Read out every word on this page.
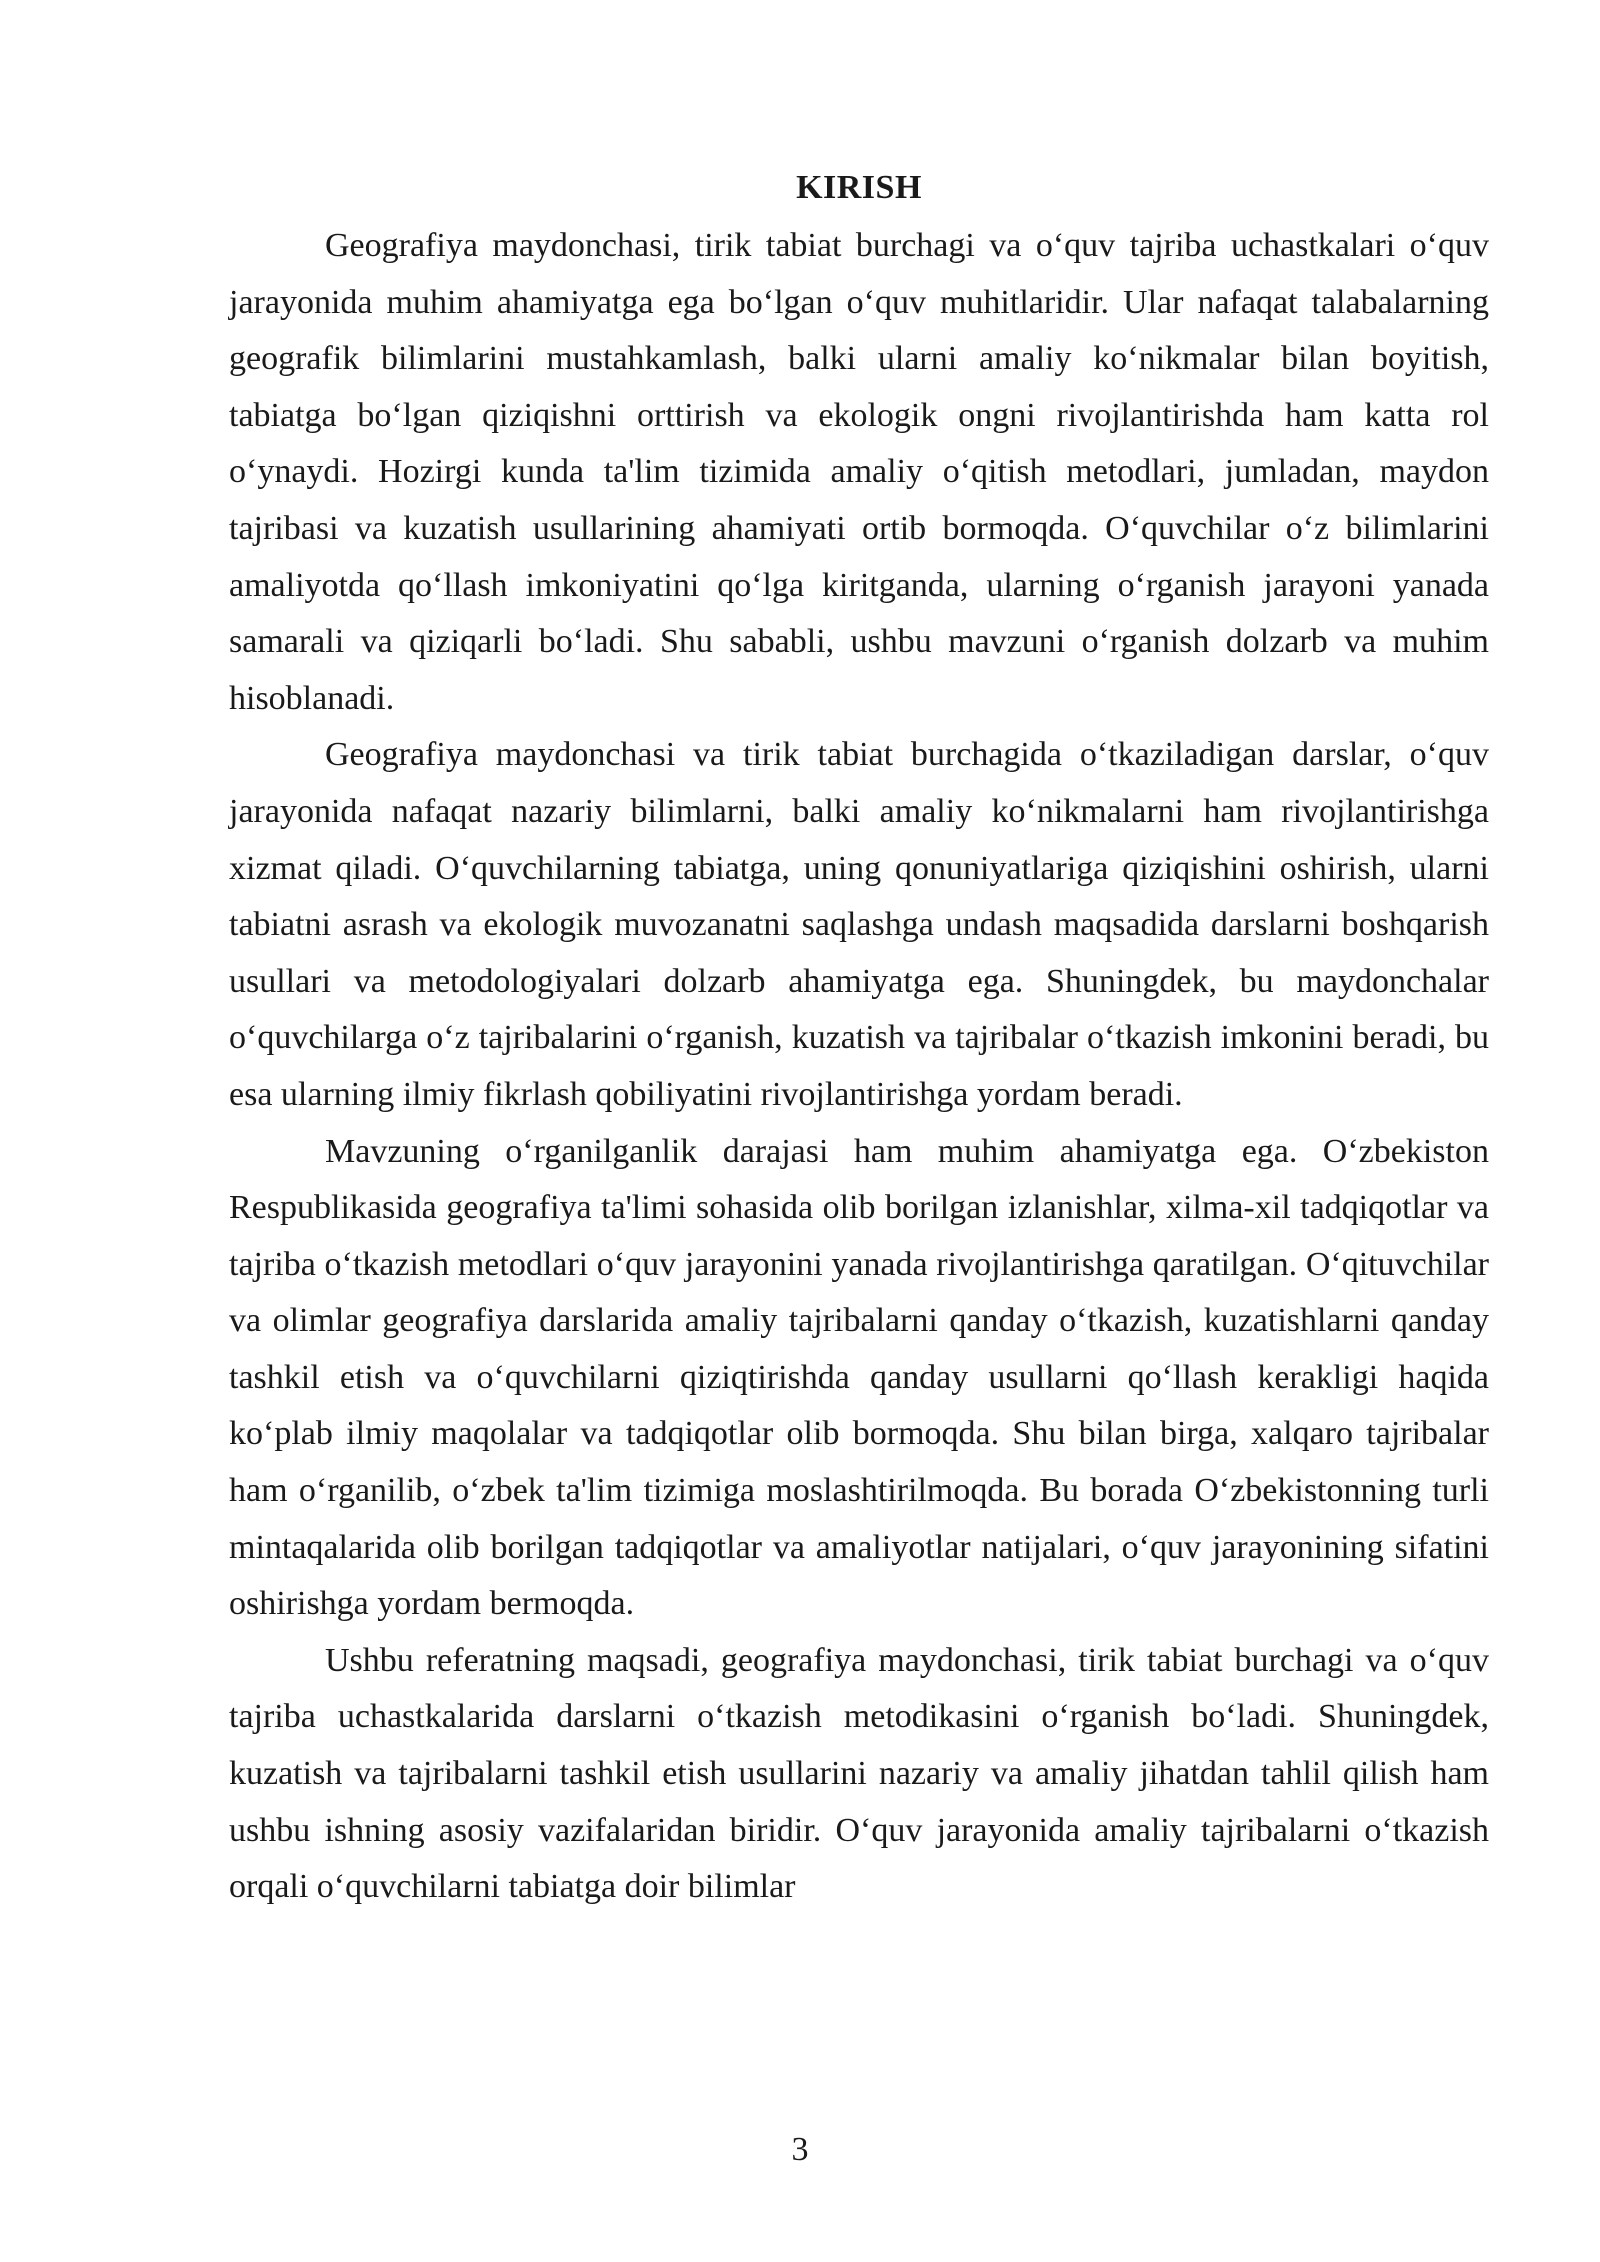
KIRISH

Geografiya maydonchasi, tirik tabiat burchagi va o‘quv tajriba uchastkalari o‘quv jarayonida muhim ahamiyatga ega bo‘lgan o‘quv muhitlaridir. Ular nafaqat talabalarning geografik bilimlarini mustahkamlash, balki ularni amaliy ko‘nikmalar bilan boyitish, tabiatga bo‘lgan qiziqishni orttirish va ekologik ongni rivojlantirishda ham katta rol o‘ynaydi. Hozirgi kunda ta'lim tizimida amaliy o‘qitish metodlari, jumladan, maydon tajribasi va kuzatish usullarining ahamiyati ortib bormoqda. O‘quvchilar o‘z bilimlarini amaliyotda qo‘llash imkoniyatini qo‘lga kiritganda, ularning o‘rganish jarayoni yanada samarali va qiziqarli bo‘ladi. Shu sababli, ushbu mavzuni o‘rganish dolzarb va muhim hisoblanadi.

Geografiya maydonchasi va tirik tabiat burchagida o‘tkaziladigan darslar, o‘quv jarayonida nafaqat nazariy bilimlarni, balki amaliy ko‘nikmalarni ham rivojlantirishga xizmat qiladi. O‘quvchilarning tabiatga, uning qonuniyatlariga qiziqishini oshirish, ularni tabiatni asrash va ekologik muvozanatni saqlashga undash maqsadida darslarni boshqarish usullari va metodologiyalari dolzarb ahamiyatga ega. Shuningdek, bu maydonchalar o‘quvchilarga o‘z tajribalarini o‘rganish, kuzatish va tajribalar o‘tkazish imkonini beradi, bu esa ularning ilmiy fikrlash qobiliyatini rivojlantirishga yordam beradi.

Mavzuning o‘rganilganlik darajasi ham muhim ahamiyatga ega. O‘zbekiston Respublikasida geografiya ta'limi sohasida olib borilgan izlanishlar, xilma-xil tadqiqotlar va tajriba o‘tkazish metodlari o‘quv jarayonini yanada rivojlantirishga qaratilgan. O‘qituvchilar va olimlar geografiya darslarida amaliy tajribalarni qanday o‘tkazish, kuzatishlarni qanday tashkil etish va o‘quvchilarni qiziqtirishda qanday usullarni qo‘llash kerakligi haqida ko‘plab ilmiy maqolalar va tadqiqotlar olib bormoqda. Shu bilan birga, xalqaro tajribalar ham o‘rganilib, o‘zbek ta'lim tizimiga moslashtirilmoqda. Bu borada O‘zbekistonning turli mintaqalarida olib borilgan tadqiqotlar va amaliyotlar natijalari, o‘quv jarayonining sifatini oshirishga yordam bermoqda.

Ushbu referatning maqsadi, geografiya maydonchasi, tirik tabiat burchagi va o‘quv tajriba uchastkalarida darslarni o‘tkazish metodikasini o‘rganish bo‘ladi. Shuningdek, kuzatish va tajribalarni tashkil etish usullarini nazariy va amaliy jihatdan tahlil qilish ham ushbu ishning asosiy vazifalaridan biridir. O‘quv jarayonida amaliy tajribalarni o‘tkazish orqali o‘quvchilarni tabiatga doir bilimlar

3
